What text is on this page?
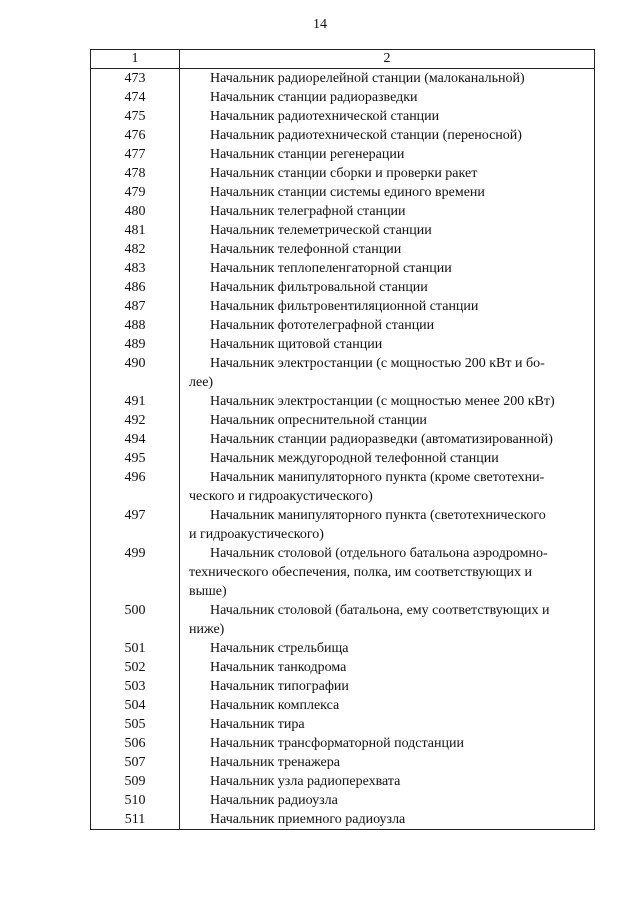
14
1	2
473	Начальник радиорелейной станции (малоканальной)

474	Начальник станции радиоразведки

475	Начальник радиотехнической станции

476	Начальник радиотехнической станции (переносной)

477	Начальник станции регенерации

478	Начальник станции сборки и проверки ракет

479	Начальник станции системы единого времени

480	Начальник телеграфной станции

481	Начальник телеметрической станции

482	Начальник телефонной станции

483	Начальник теплопеленгаторной станции

486	Начальник фильтровальной станции

487	Начальник фильтровентиляционной станции

488	Начальник фототелеграфной станции

489	Начальник щитовой станции

490	Начальник электростанции (с мощностью 200 кВт и бо-
лее)

491	Начальник электростанции (с мощностью менее 200 кВт)

492	Начальник опреснительной станции

494	Начальник станции радиоразведки (автоматизированной)

495	Начальник междугородной телефонной станции

496	Начальник манипуляторного пункта (кроме светотехни-
ческого и гидроакустического)

497	Начальник манипуляторного пункта (светотехнического
и гидроакустического)

499	Начальник столовой (отдельного батальона аэродромно-
технического обеспечения, полка, им соответствующих и
выше)

500	Начальник столовой (батальона, ему соответствующих и
ниже)

501	Начальник стрельбища

502	Начальник танкодрома

503	Начальник типографии

504	Начальник комплекса

505	Начальник тира

506	Начальник трансформаторной подстанции

507	Начальник тренажера

509	Начальник узла радиоперехвата

510	Начальник радиоузла

511	Начальник приемного радиоузла
